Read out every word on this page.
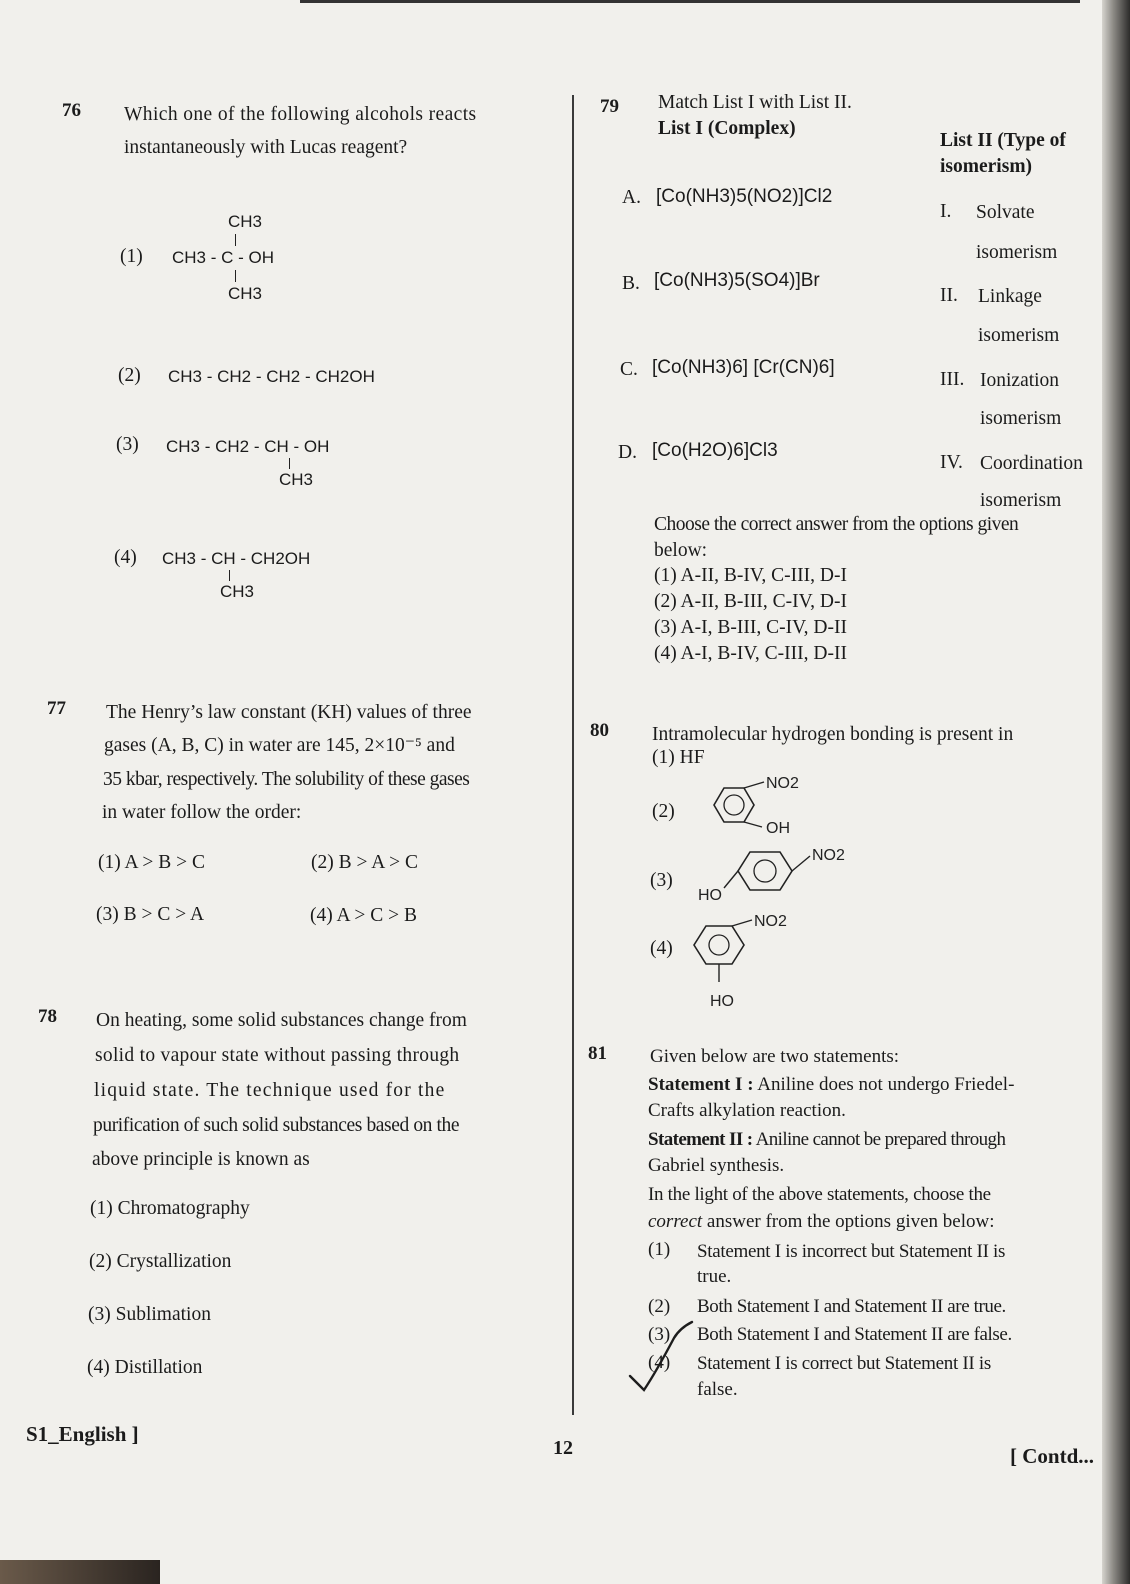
76 Which one of the following alcohols reacts
instantaneously with Lucas reagent?
(1)
CH3
CH3 - C - OH
CH3
(2) CH3 - CH2 - CH2 - CH2OH
(3) CH3 - CH2 - CH - OH
CH3
(4) CH3 - CH - CH2OH
CH3
77 The Henry’s law constant (KH) values of three
gases (A, B, C) in water are 145, 2×10⁻⁵ and
35 kbar, respectively. The solubility of these gases
in water follow the order:
(1) A > B > C	(2) B > A > C
(3) B > C > A	(4) A > C > B
78 On heating, some solid substances change from
solid to vapour state without passing through
liquid state. The technique used for the
purification of such solid substances based on the
above principle is known as
(1) Chromatography
(2) Crystallization
(3) Sublimation
(4) Distillation
79 Match List I with List II.
List I (Complex)
List II (Type of
isomerism)
A. [Co(NH3)5(NO2)]Cl2
B. [Co(NH3)5(SO4)]Br
C. [Co(NH3)6] [Cr(CN)6]
D. [Co(H2O)6]Cl3
I. Solvate
isomerism
II. Linkage
isomerism
III. Ionization
isomerism
IV. Coordination
isomerism
Choose the correct answer from the options given
below:
(1) A-II, B-IV, C-III, D-I
(2) A-II, B-III, C-IV, D-I
(3) A-I, B-III, C-IV, D-II
(4) A-I, B-IV, C-III, D-II
80 Intramolecular hydrogen bonding is present in
(1) HF
(2)
NO2
OH
(3)
HO
NO2
(4)
NO2
HO
81 Given below are two statements:
Statement I : Aniline does not undergo Friedel-
Crafts alkylation reaction.
Statement II : Aniline cannot be prepared through
Gabriel synthesis.
In the light of the above statements, choose the
correct answer from the options given below:
(1) Statement I is incorrect but Statement II is
true.
(2) Both Statement I and Statement II are true.
(3) Both Statement I and Statement II are false.
(4) Statement I is correct but Statement II is
false.
S1_English ]
12	[ Contd...
